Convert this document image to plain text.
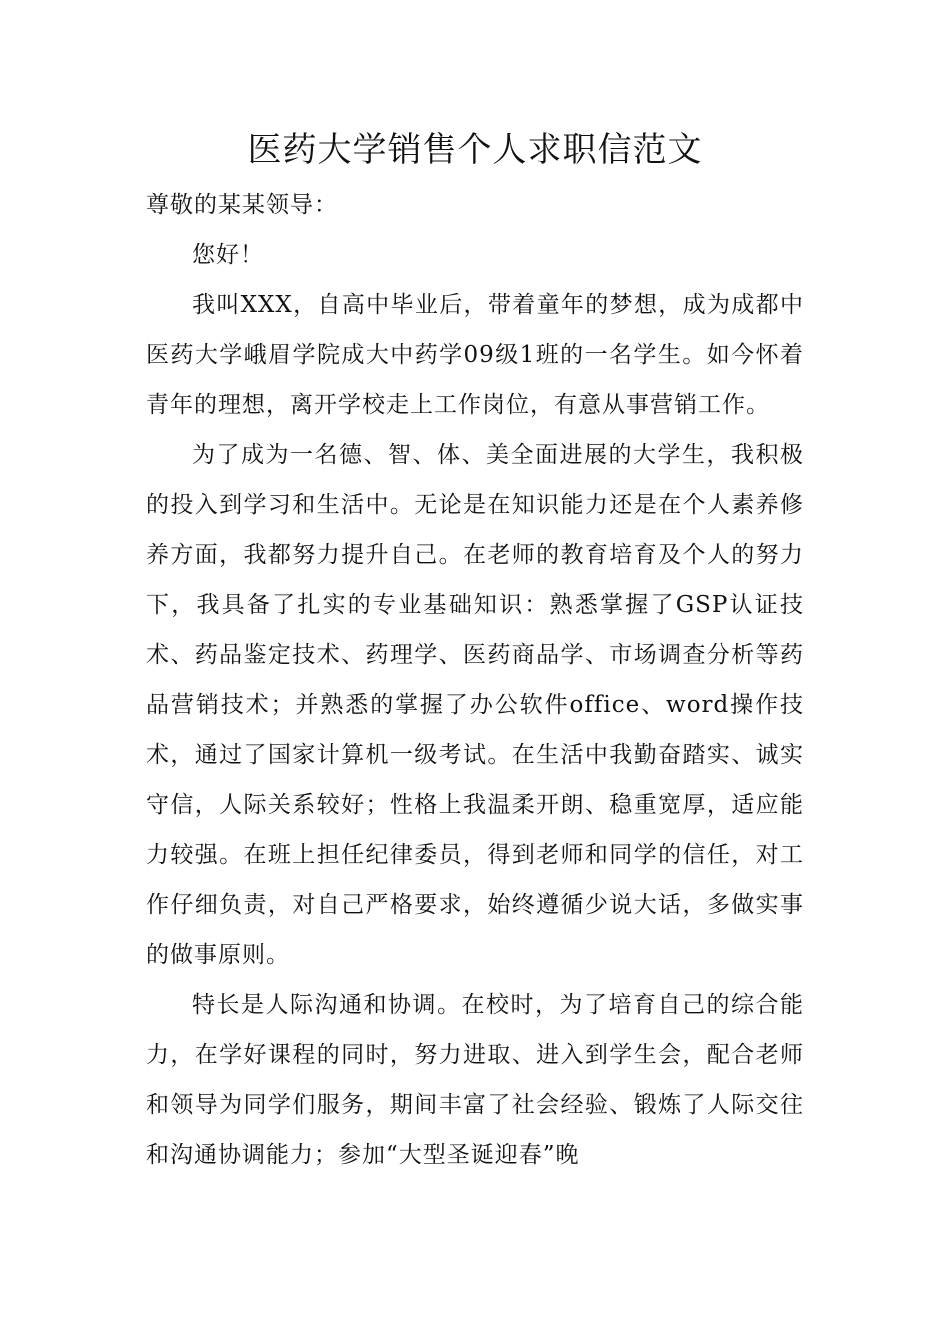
医药大学销售个人求职信范文

尊敬的某某领导：

您好！

我叫XXX，自高中毕业后，带着童年的梦想，成为成都中医药大学峨眉学院成大中药学09级1班的一名学生。如今怀着青年的理想，离开学校走上工作岗位，有意从事营销工作。

为了成为一名德、智、体、美全面进展的大学生，我积极的投入到学习和生活中。无论是在知识能力还是在个人素养修养方面，我都努力提升自己。在老师的教育培育及个人的努力下，我具备了扎实的专业基础知识：熟悉掌握了GSP认证技术、药品鉴定技术、药理学、医药商品学、市场调查分析等药品营销技术；并熟悉的掌握了办公软件office、word操作技术，通过了国家计算机一级考试。在生活中我勤奋踏实、诚实守信，人际关系较好；性格上我温柔开朗、稳重宽厚，适应能力较强。在班上担任纪律委员，得到老师和同学的信任，对工作仔细负责，对自己严格要求，始终遵循少说大话，多做实事的做事原则。

特长是人际沟通和协调。在校时，为了培育自己的综合能力，在学好课程的同时，努力进取、进入到学生会，配合老师和领导为同学们服务，期间丰富了社会经验、锻炼了人际交往和沟通协调能力；参加“大型圣诞迎春”晚
